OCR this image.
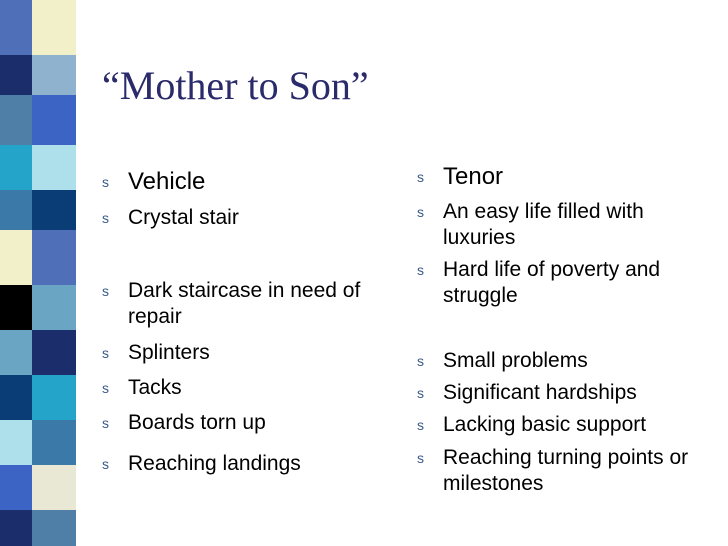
“Mother to Son”
s Vehicle
s Crystal stair
s Dark staircase in need of repair
s Splinters
s Tacks
s Boards torn up
s Reaching landings
s Tenor
s An easy life filled with luxuries
s Hard life of poverty and struggle
s Small problems
s Significant hardships
s Lacking basic support
s Reaching turning points or milestones
